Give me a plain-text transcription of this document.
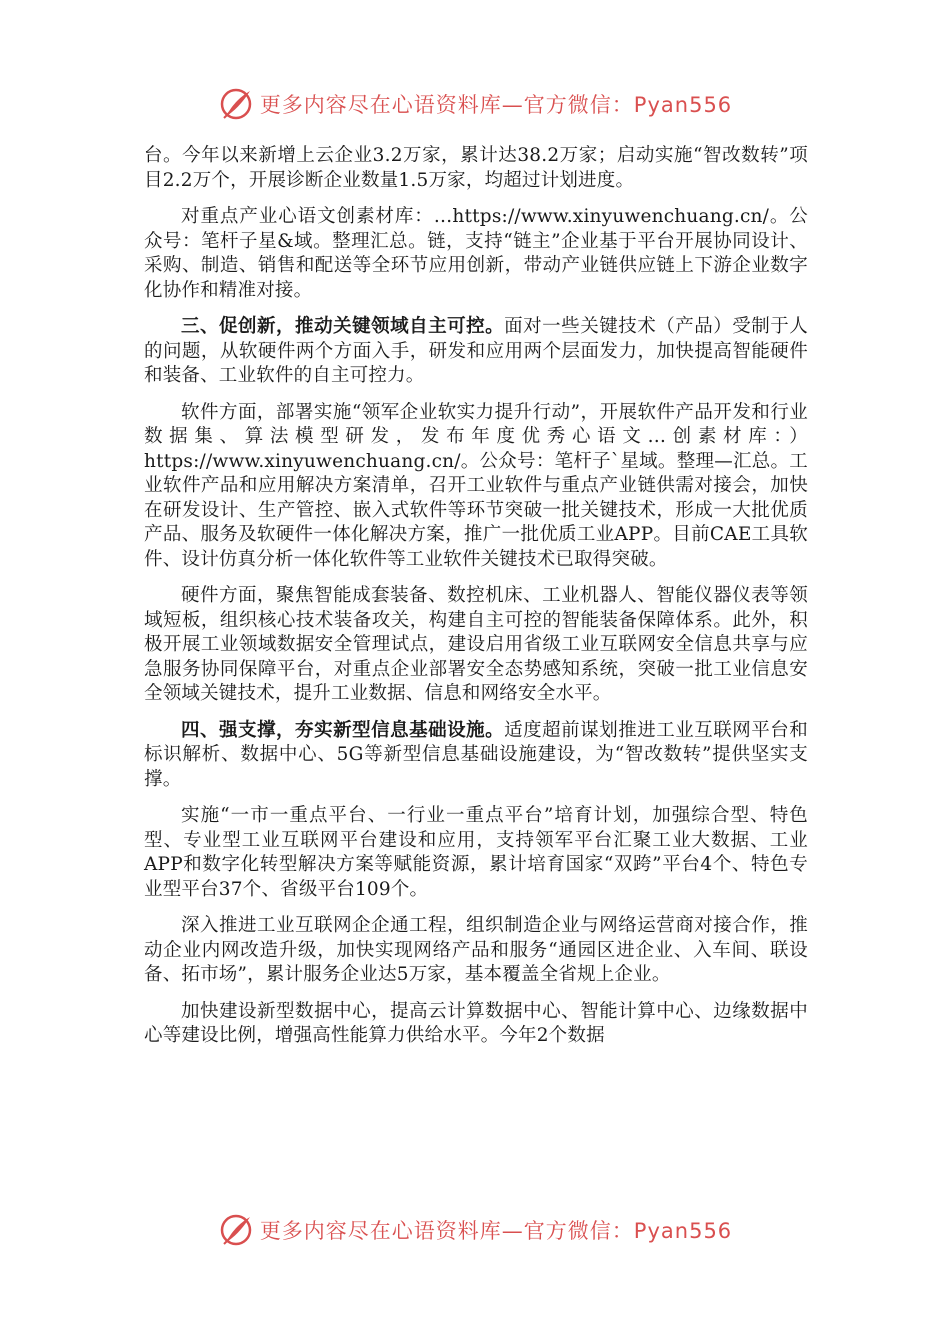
更多内容尽在心语资料库—官方微信：Pyan556

台。今年以来新增上云企业3.2万家，累计达38.2万家；启动实施“智改数转”项目2.2万个，开展诊断企业数量1.5万家，均超过计划进度。

对重点产业心语文创素材库：…https://www.xinyuwenchuang.cn/。公众号：笔杆子星&域。整理汇总。链，支持“链主”企业基于平台开展协同设计、采购、制造、销售和配送等全环节应用创新，带动产业链供应链上下游企业数字化协作和精准对接。

三、促创新，推动关键领域自主可控。面对一些关键技术（产品）受制于人的问题，从软硬件两个方面入手，研发和应用两个层面发力，加快提高智能硬件和装备、工业软件的自主可控力。

软件方面，部署实施“领军企业软实力提升行动”，开展软件产品开发和行业数据集、算法模型研发，发布年度优秀心语文…创素材库：）https://www.xinyuwenchuang.cn/。公众号：笔杆子`星域。整理—汇总。工业软件产品和应用解决方案清单，召开工业软件与重点产业链供需对接会，加快在研发设计、生产管控、嵌入式软件等环节突破一批关键技术，形成一大批优质产品、服务及软硬件一体化解决方案，推广一批优质工业APP。目前CAE工具软件、设计仿真分析一体化软件等工业软件关键技术已取得突破。

硬件方面，聚焦智能成套装备、数控机床、工业机器人、智能仪器仪表等领域短板，组织核心技术装备攻关，构建自主可控的智能装备保障体系。此外，积极开展工业领域数据安全管理试点，建设启用省级工业互联网安全信息共享与应急服务协同保障平台，对重点企业部署安全态势感知系统，突破一批工业信息安全领域关键技术，提升工业数据、信息和网络安全水平。

四、强支撑，夯实新型信息基础设施。适度超前谋划推进工业互联网平台和标识解析、数据中心、5G等新型信息基础设施建设，为“智改数转”提供坚实支撑。

实施“一市一重点平台、一行业一重点平台”培育计划，加强综合型、特色型、专业型工业互联网平台建设和应用，支持领军平台汇聚工业大数据、工业APP和数字化转型解决方案等赋能资源，累计培育国家“双跨”平台4个、特色专业型平台37个、省级平台109个。

深入推进工业互联网企企通工程，组织制造企业与网络运营商对接合作，推动企业内网改造升级，加快实现网络产品和服务“通园区进企业、入车间、联设备、拓市场”，累计服务企业达5万家，基本覆盖全省规上企业。

加快建设新型数据中心，提高云计算数据中心、智能计算中心、边缘数据中心等建设比例，增强高性能算力供给水平。今年2个数据

更多内容尽在心语资料库—官方微信：Pyan556
